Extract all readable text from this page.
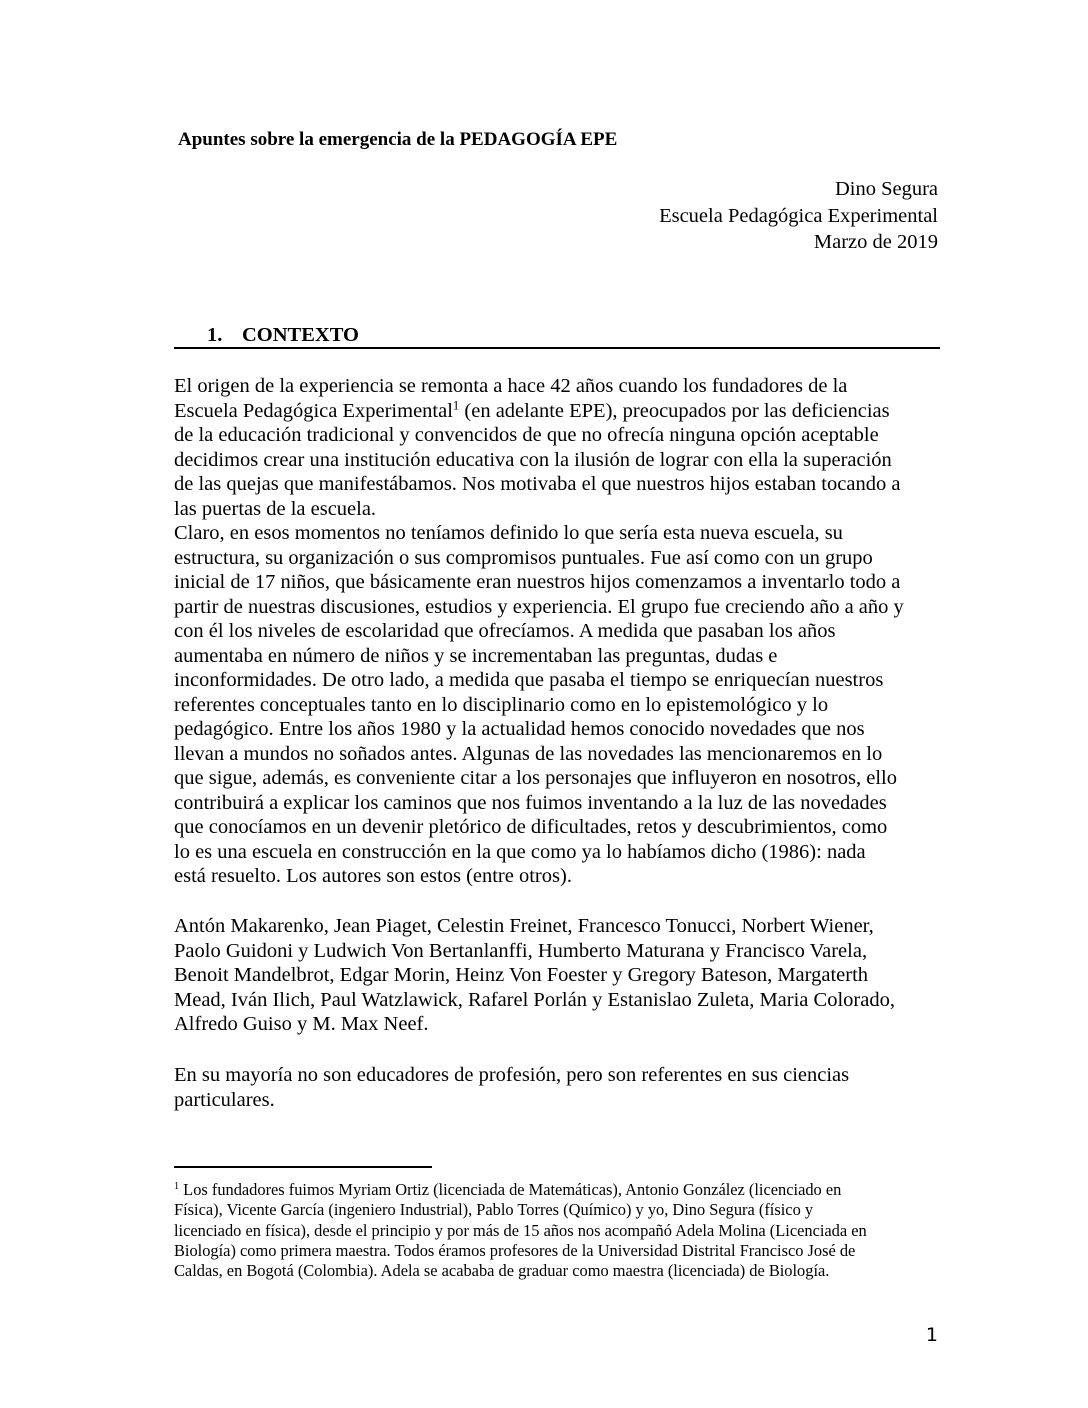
Apuntes sobre la emergencia de la PEDAGOGÍA EPE
Dino Segura
Escuela Pedagógica Experimental
Marzo de 2019
1. CONTEXTO
El origen de la experiencia se remonta a hace 42 años cuando los fundadores de la
Escuela Pedagógica Experimental$^1$ (en adelante EPE), preocupados por las deficiencias
de la educación tradicional y convencidos de que no ofrecía ninguna opción aceptable
decidimos crear una institución educativa con la ilusión de lograr con ella la superación
de las quejas que manifestábamos. Nos motivaba el que nuestros hijos estaban tocando a
las puertas de la escuela.
Claro, en esos momentos no teníamos definido lo que sería esta nueva escuela, su
estructura, su organización o sus compromisos puntuales. Fue así como con un grupo
inicial de 17 niños, que básicamente eran nuestros hijos comenzamos a inventarlo todo a
partir de nuestras discusiones, estudios y experiencia. El grupo fue creciendo año a año y
con él los niveles de escolaridad que ofrecíamos. A medida que pasaban los años
aumentaba en número de niños y se incrementaban las preguntas, dudas e
inconformidades. De otro lado, a medida que pasaba el tiempo se enriquecían nuestros
referentes conceptuales tanto en lo disciplinario como en lo epistemológico y lo
pedagógico. Entre los años 1980 y la actualidad hemos conocido novedades que nos
llevan a mundos no soñados antes. Algunas de las novedades las mencionaremos en lo
que sigue, además, es conveniente citar a los personajes que influyeron en nosotros, ello
contribuirá a explicar los caminos que nos fuimos inventando a la luz de las novedades
que conocíamos en un devenir pletórico de dificultades, retos y descubrimientos, como
lo es una escuela en construcción en la que como ya lo habíamos dicho (1986): nada
está resuelto. Los autores son estos (entre otros).
Antón Makarenko, Jean Piaget, Celestin Freinet, Francesco Tonucci, Norbert Wiener,
Paolo Guidoni y Ludwich Von Bertanlanffi, Humberto Maturana y Francisco Varela,
Benoit Mandelbrot, Edgar Morin, Heinz Von Foester y Gregory Bateson, Margaterth
Mead, Iván Ilich, Paul Watzlawick, Rafarel Porlán y Estanislao Zuleta, Maria Colorado,
Alfredo Guiso y M. Max Neef.
En su mayoría no son educadores de profesión, pero son referentes en sus ciencias
particulares.
$^1$ Los fundadores fuimos Myriam Ortiz (licenciada de Matemáticas), Antonio González (licenciado en
Física), Vicente García (ingeniero Industrial), Pablo Torres (Químico) y yo, Dino Segura (físico y
licenciado en física), desde el principio y por más de 15 años nos acompañó Adela Molina (Licenciada en
Biología) como primera maestra. Todos éramos profesores de la Universidad Distrital Francisco José de
Caldas, en Bogotá (Colombia). Adela se acababa de graduar como maestra (licenciada) de Biología.
1
